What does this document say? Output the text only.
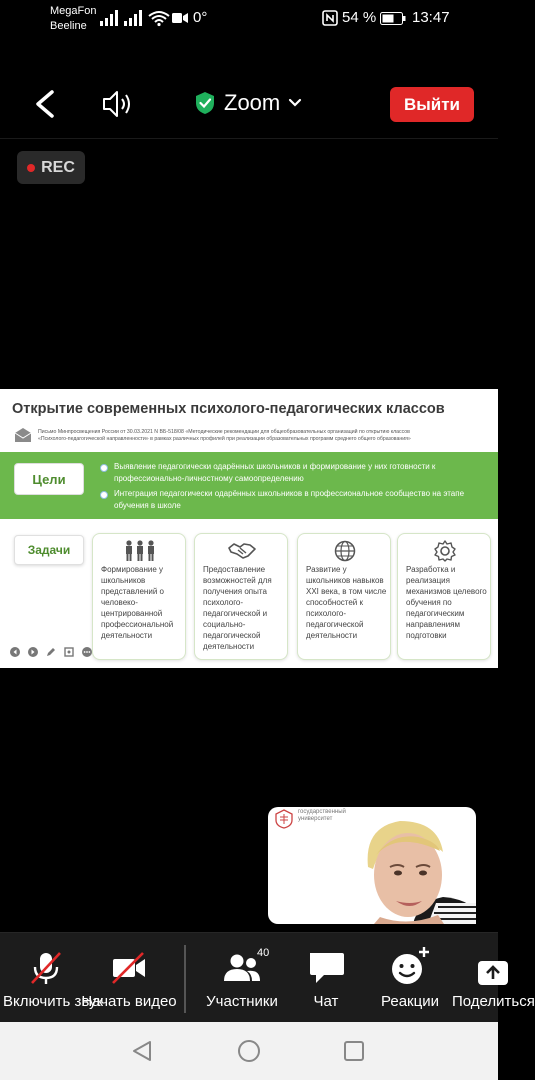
MegaFon
Beeline	0°	54 % 13:47
Zoom	Выйти
REC
Открытие современных психолого-педагогических классов
Письмо Минпросвещения России от 30.03.2021 N ВБ-518/08 «Методические рекомендации для общеобразовательных организаций по открытию классов
«Психолого-педагогической направленности» в рамках различных профилей при реализации образовательных программ среднего общего образования»
Цели
Выявление педагогически одарённых школьников и формирование у них готовности к профессионально-личностному самоопределению
Интеграция педагогически одарённых школьников в профессиональное сообщество на этапе обучения в школе
Задачи
Формирование у школьников представлений о человеко-центрированной профессиональной деятельности
Предоставление возможностей для получения опыта психолого-педагогической и социально-педагогической деятельности
Развитие у школьников навыков XXI века, в том числе способностей к психолого-педагогической деятельности
Разработка и реализация механизмов целевого обучения по педагогическим направлениям подготовки
государственный
университет
Включить звук
Начать видео Участники
40
Чат	Реакции Поделиться
